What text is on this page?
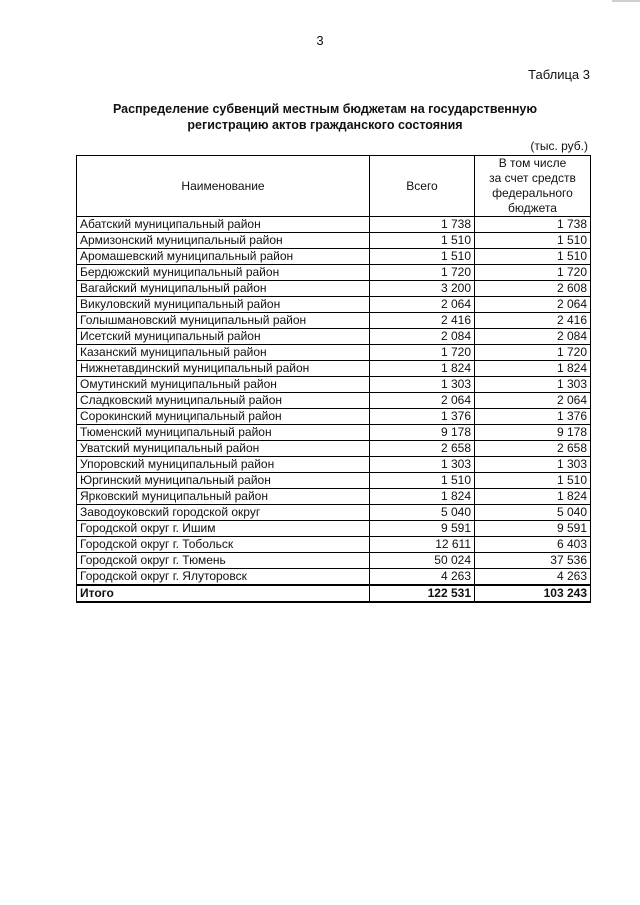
3
Таблица 3
Распределение субвенций местным бюджетам на государственную
регистрацию актов гражданского состояния
(тыс. руб.)
Наименование	Всего	В том числе
за счет средств
федерального
бюджета

Абатский муниципальный район	1 738	1 738
Армизонский муниципальный район	1 510	1 510
Аромашевский муниципальный район	1 510	1 510
Бердюжский муниципальный район	1 720	1 720
Вагайский муниципальный район	3 200	2 608
Викуловский муниципальный район	2 064	2 064
Голышмановский муниципальный район	2 416	2 416
Исетский муниципальный район	2 084	2 084
Казанский муниципальный район	1 720	1 720
Нижнетавдинский муниципальный район	1 824	1 824
Омутинский муниципальный район	1 303	1 303
Сладковский муниципальный район	2 064	2 064
Сорокинский муниципальный район	1 376	1 376
Тюменский муниципальный район	9 178	9 178
Уватский муниципальный район	2 658	2 658
Упоровский муниципальный район	1 303	1 303
Юргинский муниципальный район	1 510	1 510
Ярковский муниципальный район	1 824	1 824
Заводоуковский городской округ	5 040	5 040
Городской округ г. Ишим	9 591	9 591
Городской округ г. Тобольск	12 611	6 403
Городской округ г. Тюмень	50 024	37 536
Городской округ г. Ялуторовск	4 263	4 263
Итого	122 531	103 243
